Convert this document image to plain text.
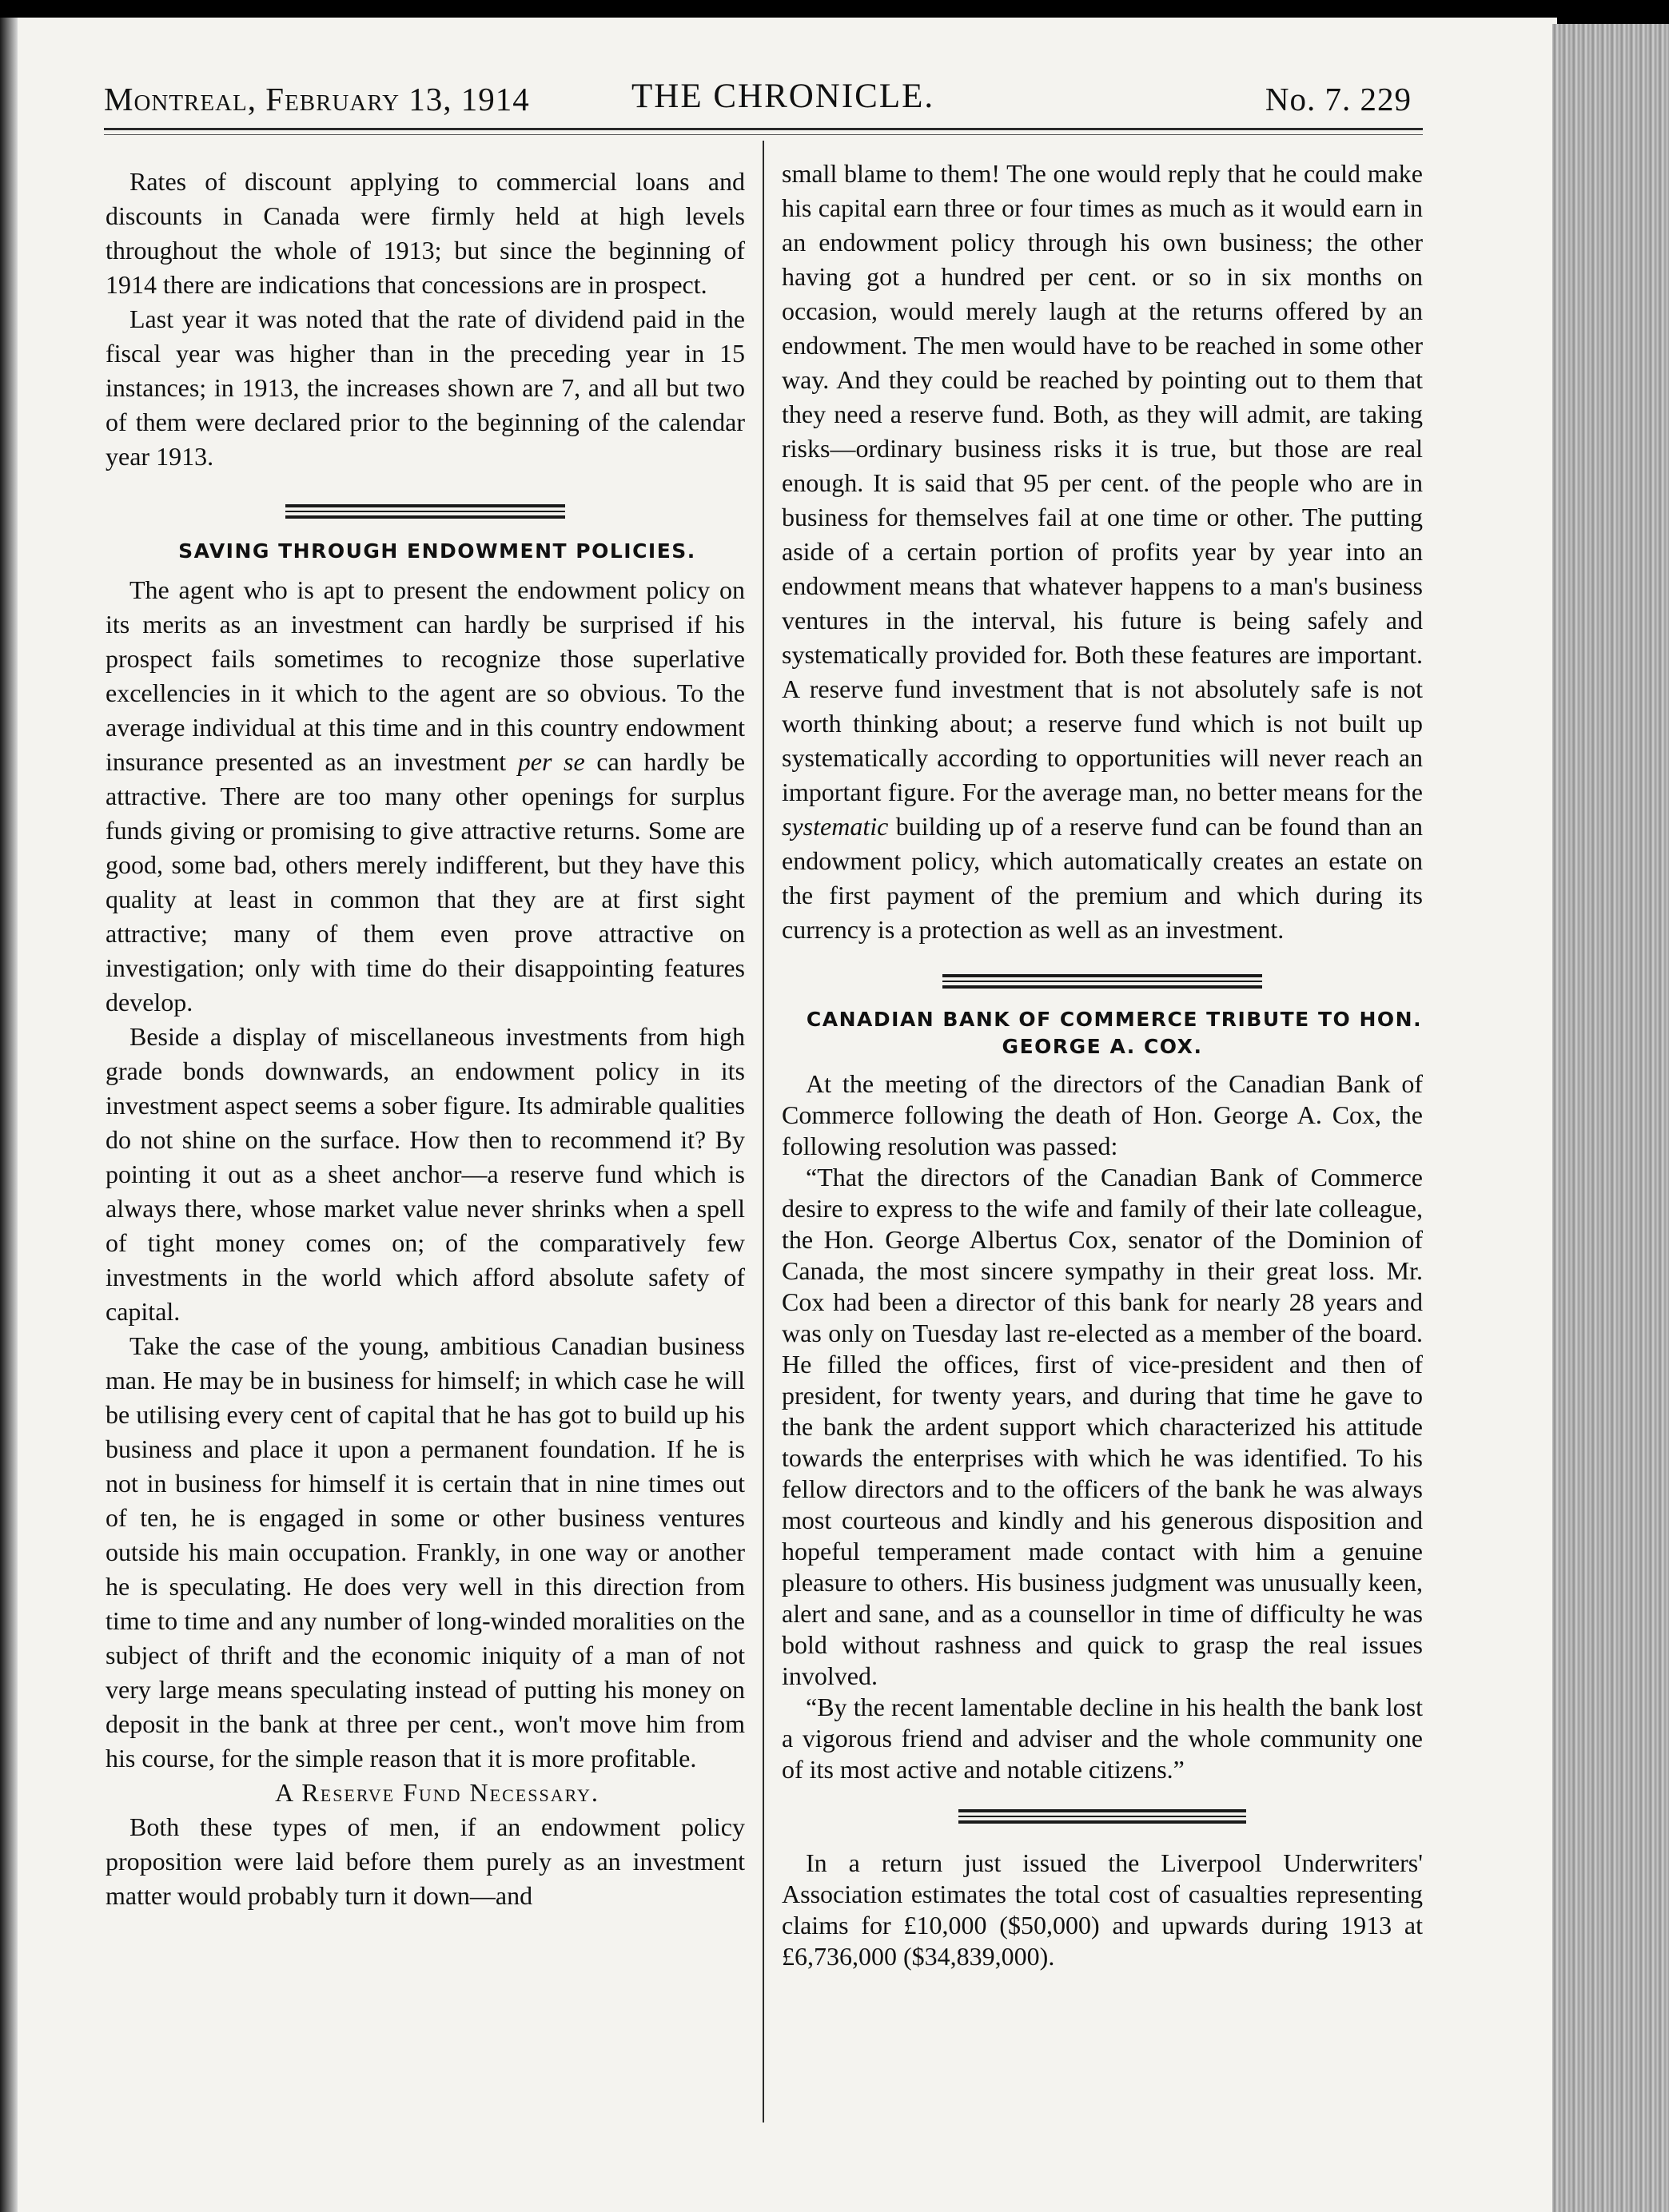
Montreal, February 13, 1914	THE CHRONICLE.	No. 7. 229

Rates of discount applying to commercial loans and discounts in Canada were firmly held at high levels throughout the whole of 1913; but since the beginning of 1914 there are indications that concessions are in prospect.

Last year it was noted that the rate of dividend paid in the fiscal year was higher than in the preceding year in 15 instances; in 1913, the increases shown are 7, and all but two of them were declared prior to the beginning of the calendar year 1913.

SAVING THROUGH ENDOWMENT POLICIES.

The agent who is apt to present the endowment policy on its merits as an investment can hardly be surprised if his prospect fails sometimes to recognize those superlative excellencies in it which to the agent are so obvious. To the average individual at this time and in this country endowment insurance presented as an investment per se can hardly be attractive. There are too many other openings for surplus funds giving or promising to give attractive returns. Some are good, some bad, others merely indifferent, but they have this quality at least in common that they are at first sight attractive; many of them even prove attractive on investigation; only with time do their disappointing features develop.

Beside a display of miscellaneous investments from high grade bonds downwards, an endowment policy in its investment aspect seems a sober figure. Its admirable qualities do not shine on the surface. How then to recommend it? By pointing it out as a sheet anchor—a reserve fund which is always there, whose market value never shrinks when a spell of tight money comes on; of the comparatively few investments in the world which afford absolute safety of capital.

Take the case of the young, ambitious Canadian business man. He may be in business for himself; in which case he will be utilising every cent of capital that he has got to build up his business and place it upon a permanent foundation. If he is not in business for himself it is certain that in nine times out of ten, he is engaged in some or other business ventures outside his main occupation. Frankly, in one way or another he is speculating. He does very well in this direction from time to time and any number of long-winded moralities on the subject of thrift and the economic iniquity of a man of not very large means speculating instead of putting his money on deposit in the bank at three per cent., won't move him from his course, for the simple reason that it is more profitable.

A Reserve Fund Necessary.

Both these types of men, if an endowment policy proposition were laid before them purely as an investment matter would probably turn it down—and

small blame to them! The one would reply that he could make his capital earn three or four times as much as it would earn in an endowment policy through his own business; the other having got a hundred per cent. or so in six months on occasion, would merely laugh at the returns offered by an endowment. The men would have to be reached in some other way. And they could be reached by pointing out to them that they need a reserve fund. Both, as they will admit, are taking risks—ordinary business risks it is true, but those are real enough. It is said that 95 per cent. of the people who are in business for themselves fail at one time or other. The putting aside of a certain portion of profits year by year into an endowment means that whatever happens to a man's business ventures in the interval, his future is being safely and systematically provided for. Both these features are important. A reserve fund investment that is not absolutely safe is not worth thinking about; a reserve fund which is not built up systematically according to opportunities will never reach an important figure. For the average man, no better means for the systematic building up of a reserve fund can be found than an endowment policy, which automatically creates an estate on the first payment of the premium and which during its currency is a protection as well as an investment.

CANADIAN BANK OF COMMERCE TRIBUTE TO HON. GEORGE A. COX.

At the meeting of the directors of the Canadian Bank of Commerce following the death of Hon. George A. Cox, the following resolution was passed:

“That the directors of the Canadian Bank of Commerce desire to express to the wife and family of their late colleague, the Hon. George Albertus Cox, senator of the Dominion of Canada, the most sincere sympathy in their great loss. Mr. Cox had been a director of this bank for nearly 28 years and was only on Tuesday last re-elected as a member of the board. He filled the offices, first of vice-president and then of president, for twenty years, and during that time he gave to the bank the ardent support which characterized his attitude towards the enterprises with which he was identified. To his fellow directors and to the officers of the bank he was always most courteous and kindly and his generous disposition and hopeful temperament made contact with him a genuine pleasure to others. His business judgment was unusually keen, alert and sane, and as a counsellor in time of difficulty he was bold without rashness and quick to grasp the real issues involved.

“By the recent lamentable decline in his health the bank lost a vigorous friend and adviser and the whole community one of its most active and notable citizens.”

In a return just issued the Liverpool Underwriters' Association estimates the total cost of casualties representing claims for £10,000 ($50,000) and upwards during 1913 at £6,736,000 ($34,839,000).
